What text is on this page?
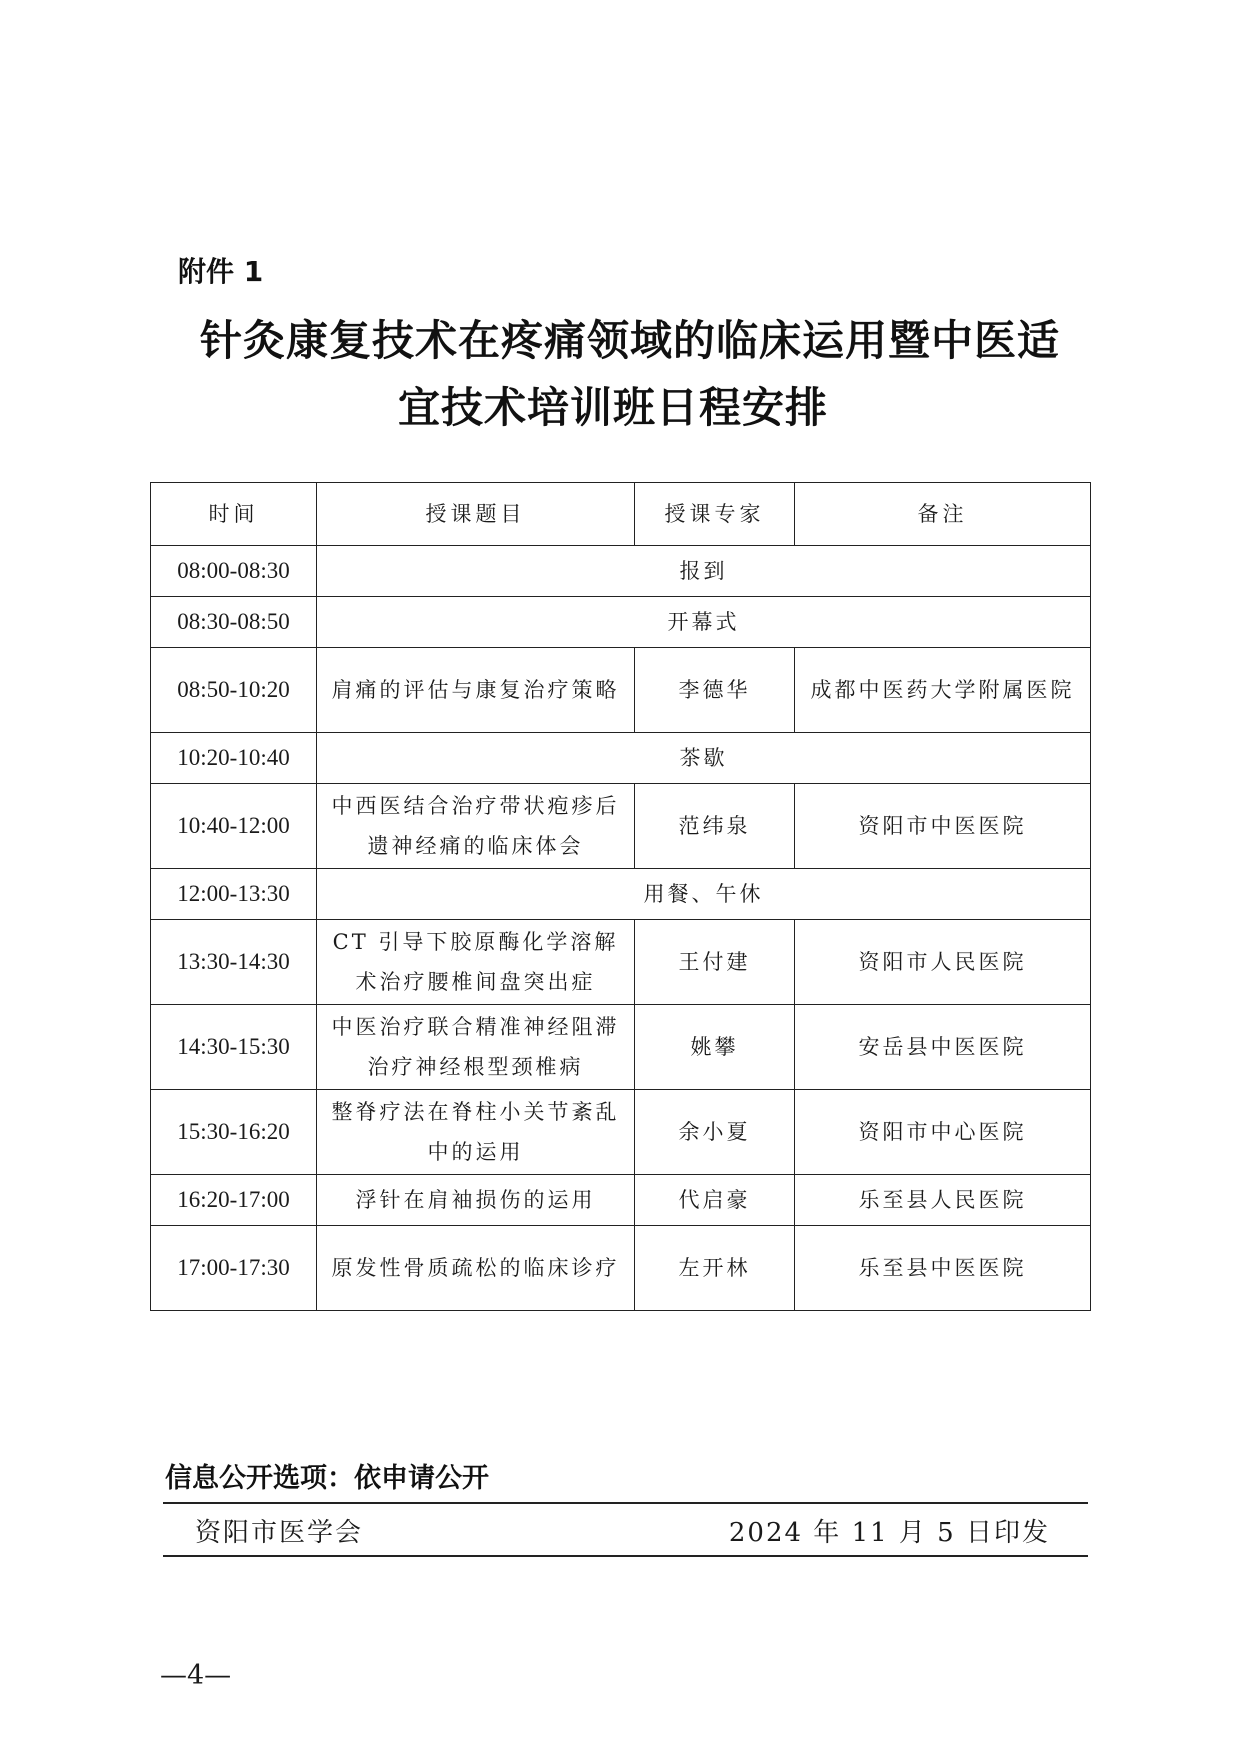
附件 1
针灸康复技术在疼痛领域的临床运用暨中医适
宜技术培训班日程安排
时间	授课题目	授课专家	备注
08:00-08:30	报到		
08:30-08:50	开幕式		
08:50-10:20	肩痛的评估与康复治疗策略	李德华	成都中医药大学附属医院
10:20-10:40	茶歇		
10:40-12:00	中西医结合治疗带状疱疹后遗神经痛的临床体会	范纬泉	资阳市中医医院
12:00-13:30	用餐、午休		
13:30-14:30	CT 引导下胶原酶化学溶解术治疗腰椎间盘突出症	王付建	资阳市人民医院
14:30-15:30	中医治疗联合精准神经阻滞治疗神经根型颈椎病	姚攀	安岳县中医医院
15:30-16:20	整脊疗法在脊柱小关节紊乱中的运用	余小夏	资阳市中心医院
16:20-17:00	浮针在肩袖损伤的运用	代启豪	乐至县人民医院
17:00-17:30	原发性骨质疏松的临床诊疗	左开林	乐至县中医医院
信息公开选项：依申请公开
资阳市医学会	2024 年 11 月 5 日印发
—4—
